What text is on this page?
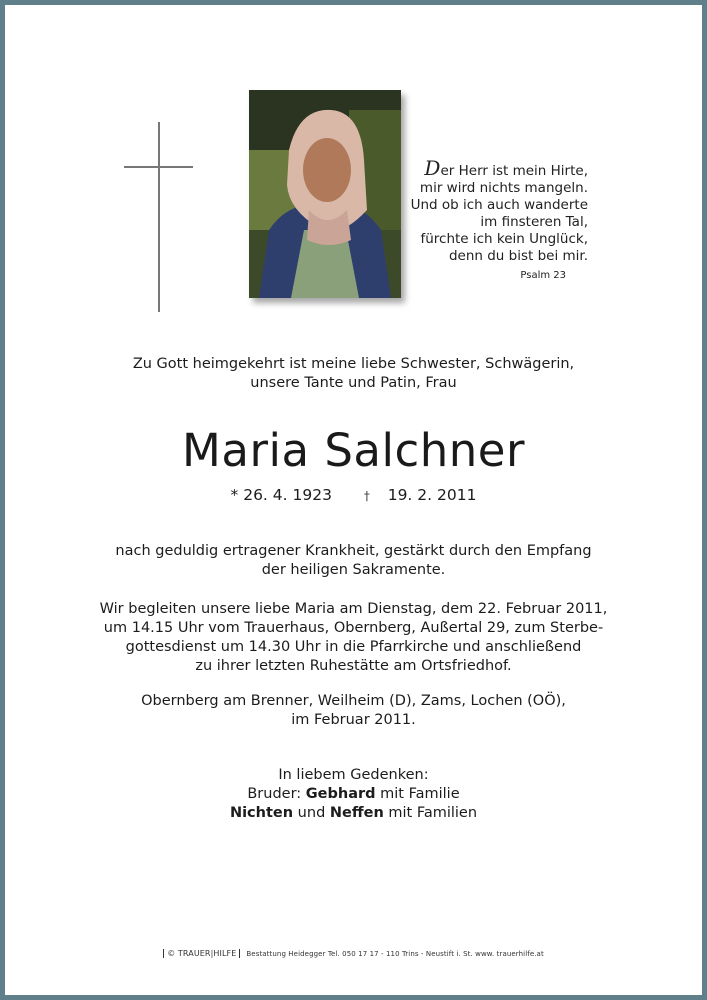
Der Herr ist mein Hirte,
mir wird nichts mangeln.
Und ob ich auch wanderte
im finsteren Tal,
fürchte ich kein Unglück,
denn du bist bei mir.
Psalm 23
Zu Gott heimgekehrt ist meine liebe Schwester, Schwägerin,
unsere Tante und Patin, Frau
Maria Salchner
* 26. 4. 1923	† 19. 2. 2011
nach geduldig ertragener Krankheit, gestärkt durch den Empfang
der heiligen Sakramente.
Wir begleiten unsere liebe Maria am Dienstag, dem 22. Februar 2011,
um 14.15 Uhr vom Trauerhaus, Obernberg, Außertal 29, zum Sterbe-
gottesdienst um 14.30 Uhr in die Pfarrkirche und anschließend
zu ihrer letzten Ruhestätte am Ortsfriedhof.
Obernberg am Brenner, Weilheim (D), Zams, Lochen (OÖ),
im Februar 2011.
In liebem Gedenken:
Bruder: Gebhard mit Familie
Nichten und Neffen mit Familien
© TRAUER|HILFE Bestattung Heidegger Tel. 050 17 17 - 110 Trins - Neustift i. St. www. trauerhilfe.at
